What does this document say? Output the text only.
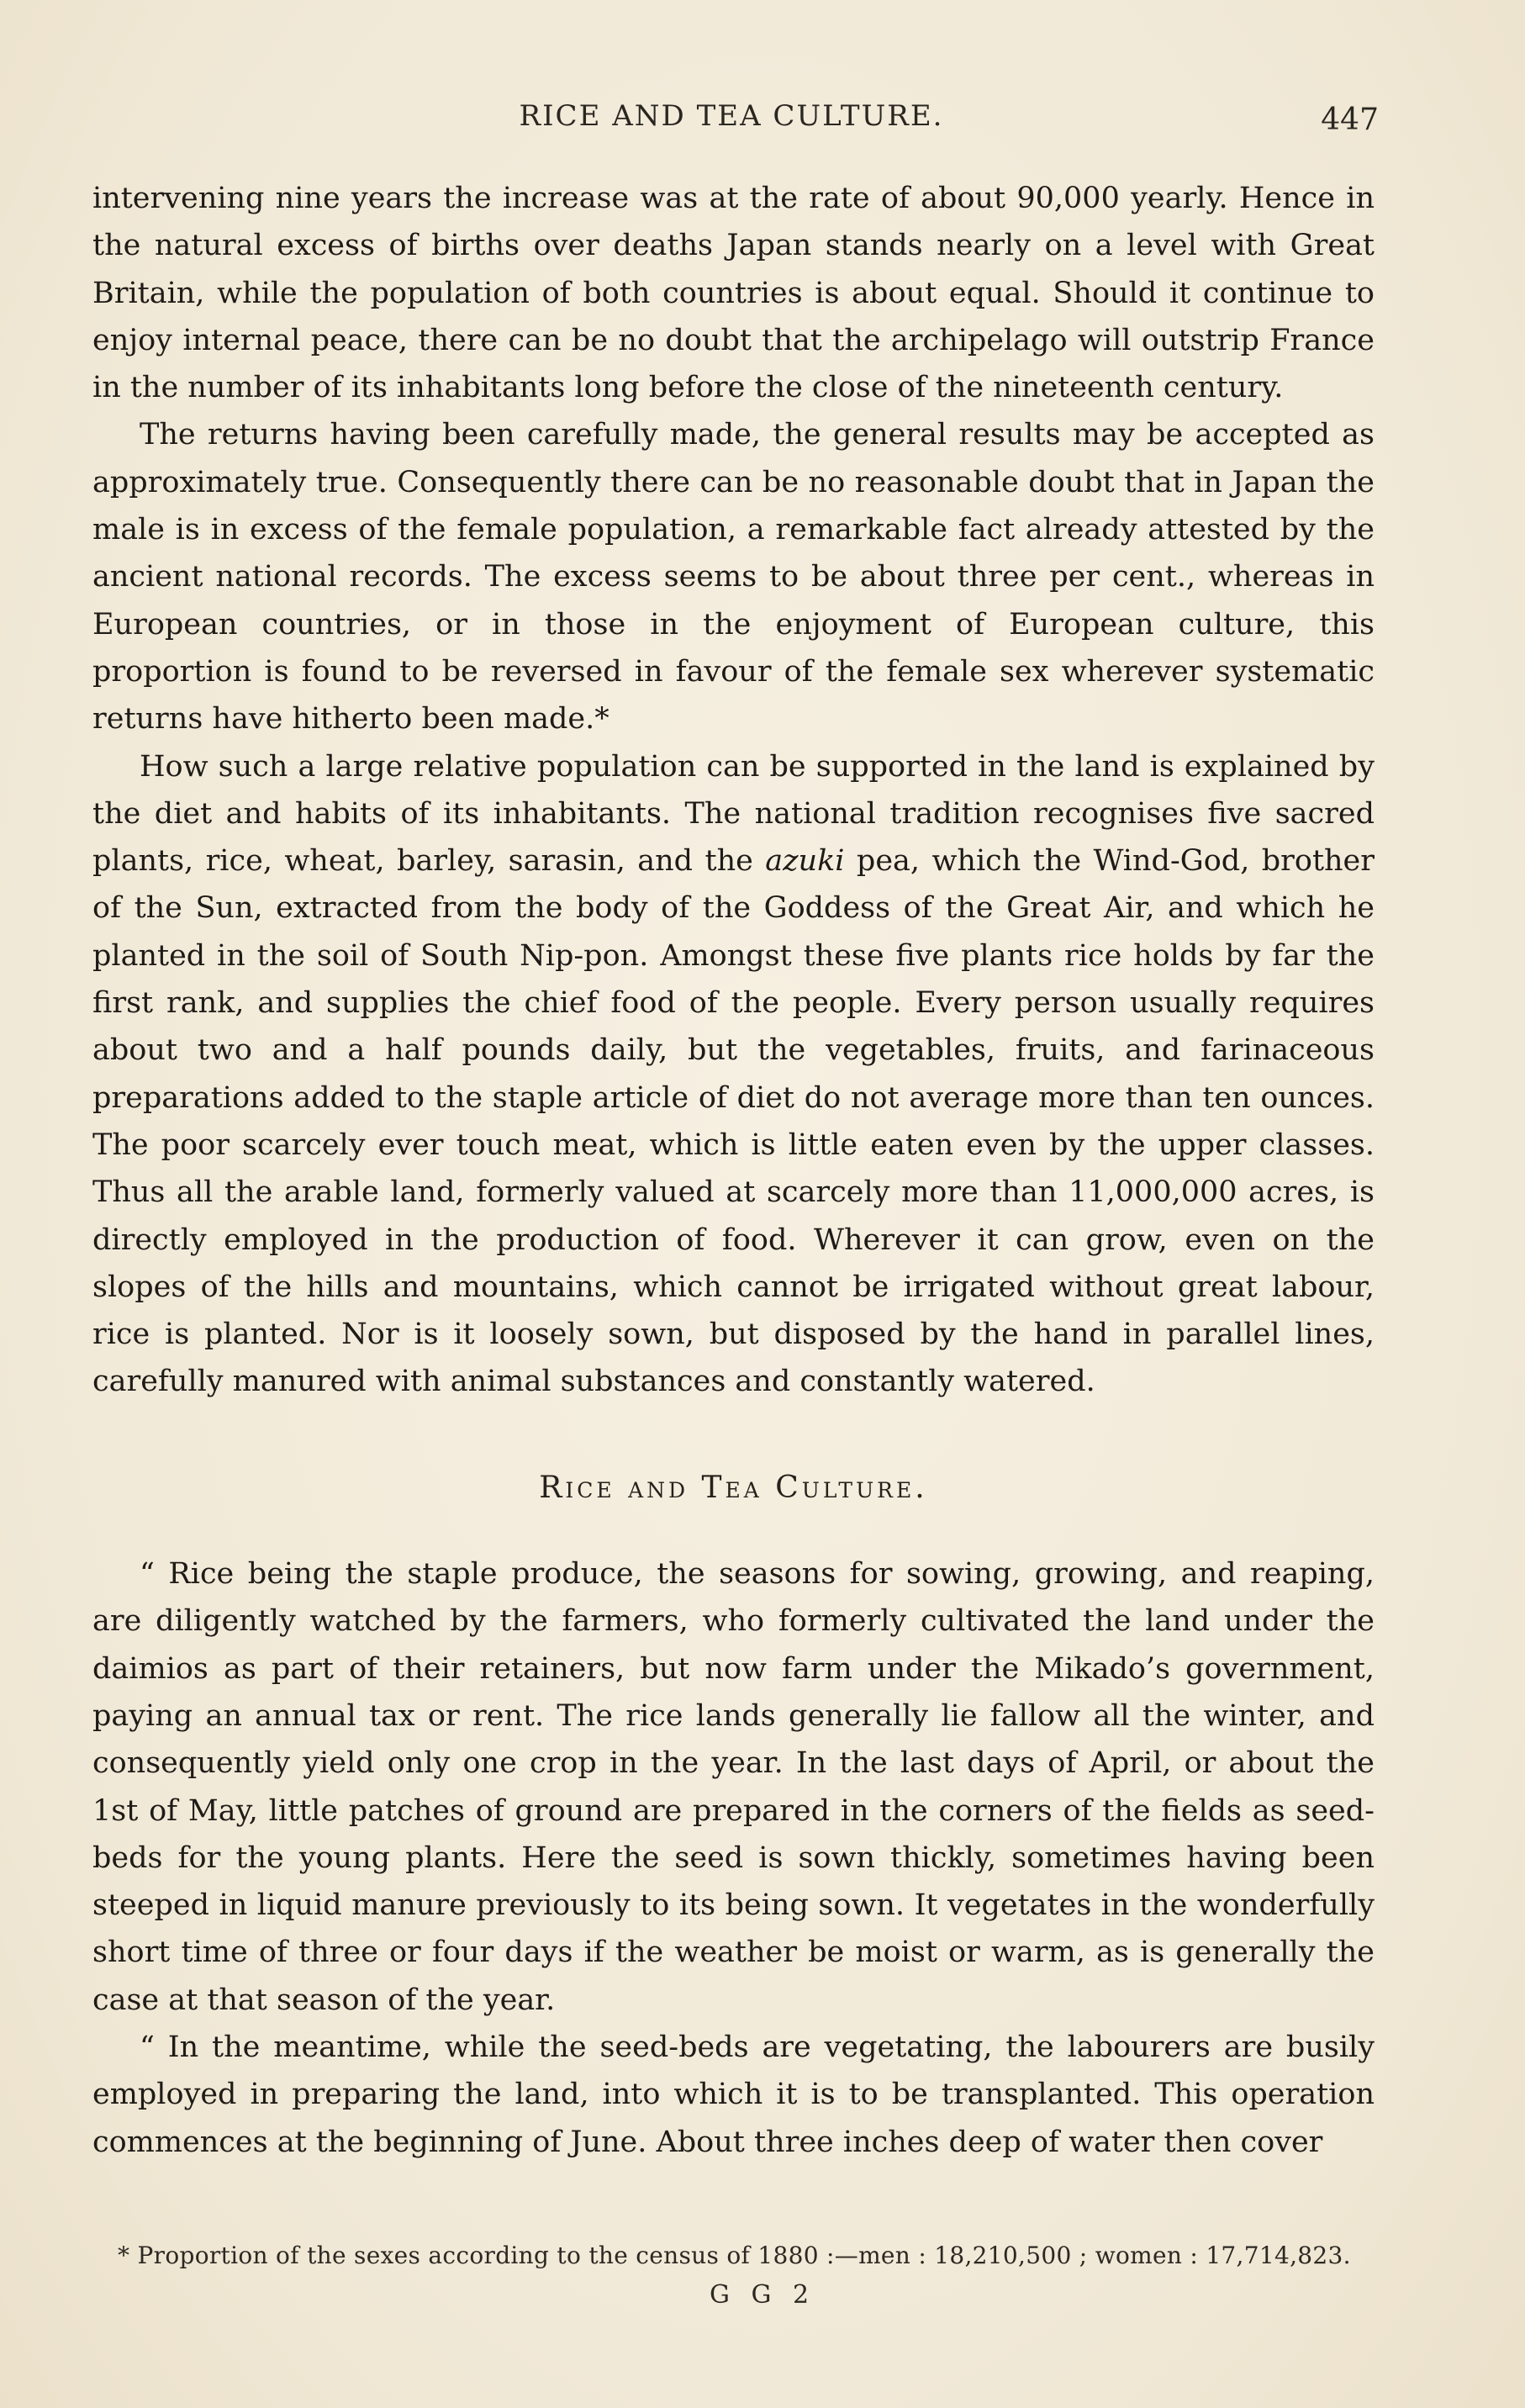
RICE AND TEA CULTURE.	447

intervening nine years the increase was at the rate of about 90,000 yearly. Hence in the natural excess of births over deaths Japan stands nearly on a level with Great Britain, while the population of both countries is about equal. Should it continue to enjoy internal peace, there can be no doubt that the archipelago will outstrip France in the number of its inhabitants long before the close of the nineteenth century.

The returns having been carefully made, the general results may be accepted as approximately true. Consequently there can be no reasonable doubt that in Japan the male is in excess of the female population, a remarkable fact already attested by the ancient national records. The excess seems to be about three per cent., whereas in European countries, or in those in the enjoyment of European culture, this proportion is found to be reversed in favour of the female sex wherever systematic returns have hitherto been made.*

How such a large relative population can be supported in the land is explained by the diet and habits of its inhabitants. The national tradition recognises five sacred plants, rice, wheat, barley, sarasin, and the azuki pea, which the Wind-God, brother of the Sun, extracted from the body of the Goddess of the Great Air, and which he planted in the soil of South Nip-pon. Amongst these five plants rice holds by far the first rank, and supplies the chief food of the people. Every person usually requires about two and a half pounds daily, but the vegetables, fruits, and farinaceous preparations added to the staple article of diet do not average more than ten ounces. The poor scarcely ever touch meat, which is little eaten even by the upper classes. Thus all the arable land, formerly valued at scarcely more than 11,000,000 acres, is directly employed in the production of food. Wherever it can grow, even on the slopes of the hills and mountains, which cannot be irrigated without great labour, rice is planted. Nor is it loosely sown, but disposed by the hand in parallel lines, carefully manured with animal substances and constantly watered.

Rice and Tea Culture.

“ Rice being the staple produce, the seasons for sowing, growing, and reaping, are diligently watched by the farmers, who formerly cultivated the land under the daimios as part of their retainers, but now farm under the Mikado’s government, paying an annual tax or rent. The rice lands generally lie fallow all the winter, and consequently yield only one crop in the year. In the last days of April, or about the 1st of May, little patches of ground are prepared in the corners of the fields as seed-beds for the young plants. Here the seed is sown thickly, sometimes having been steeped in liquid manure previously to its being sown. It vegetates in the wonderfully short time of three or four days if the weather be moist or warm, as is generally the case at that season of the year.

“ In the meantime, while the seed-beds are vegetating, the labourers are busily employed in preparing the land, into which it is to be transplanted. This operation commences at the beginning of June. About three inches deep of water then cover

* Proportion of the sexes according to the census of 1880 :—men : 18,210,500 ; women : 17,714,823.
G G 2
